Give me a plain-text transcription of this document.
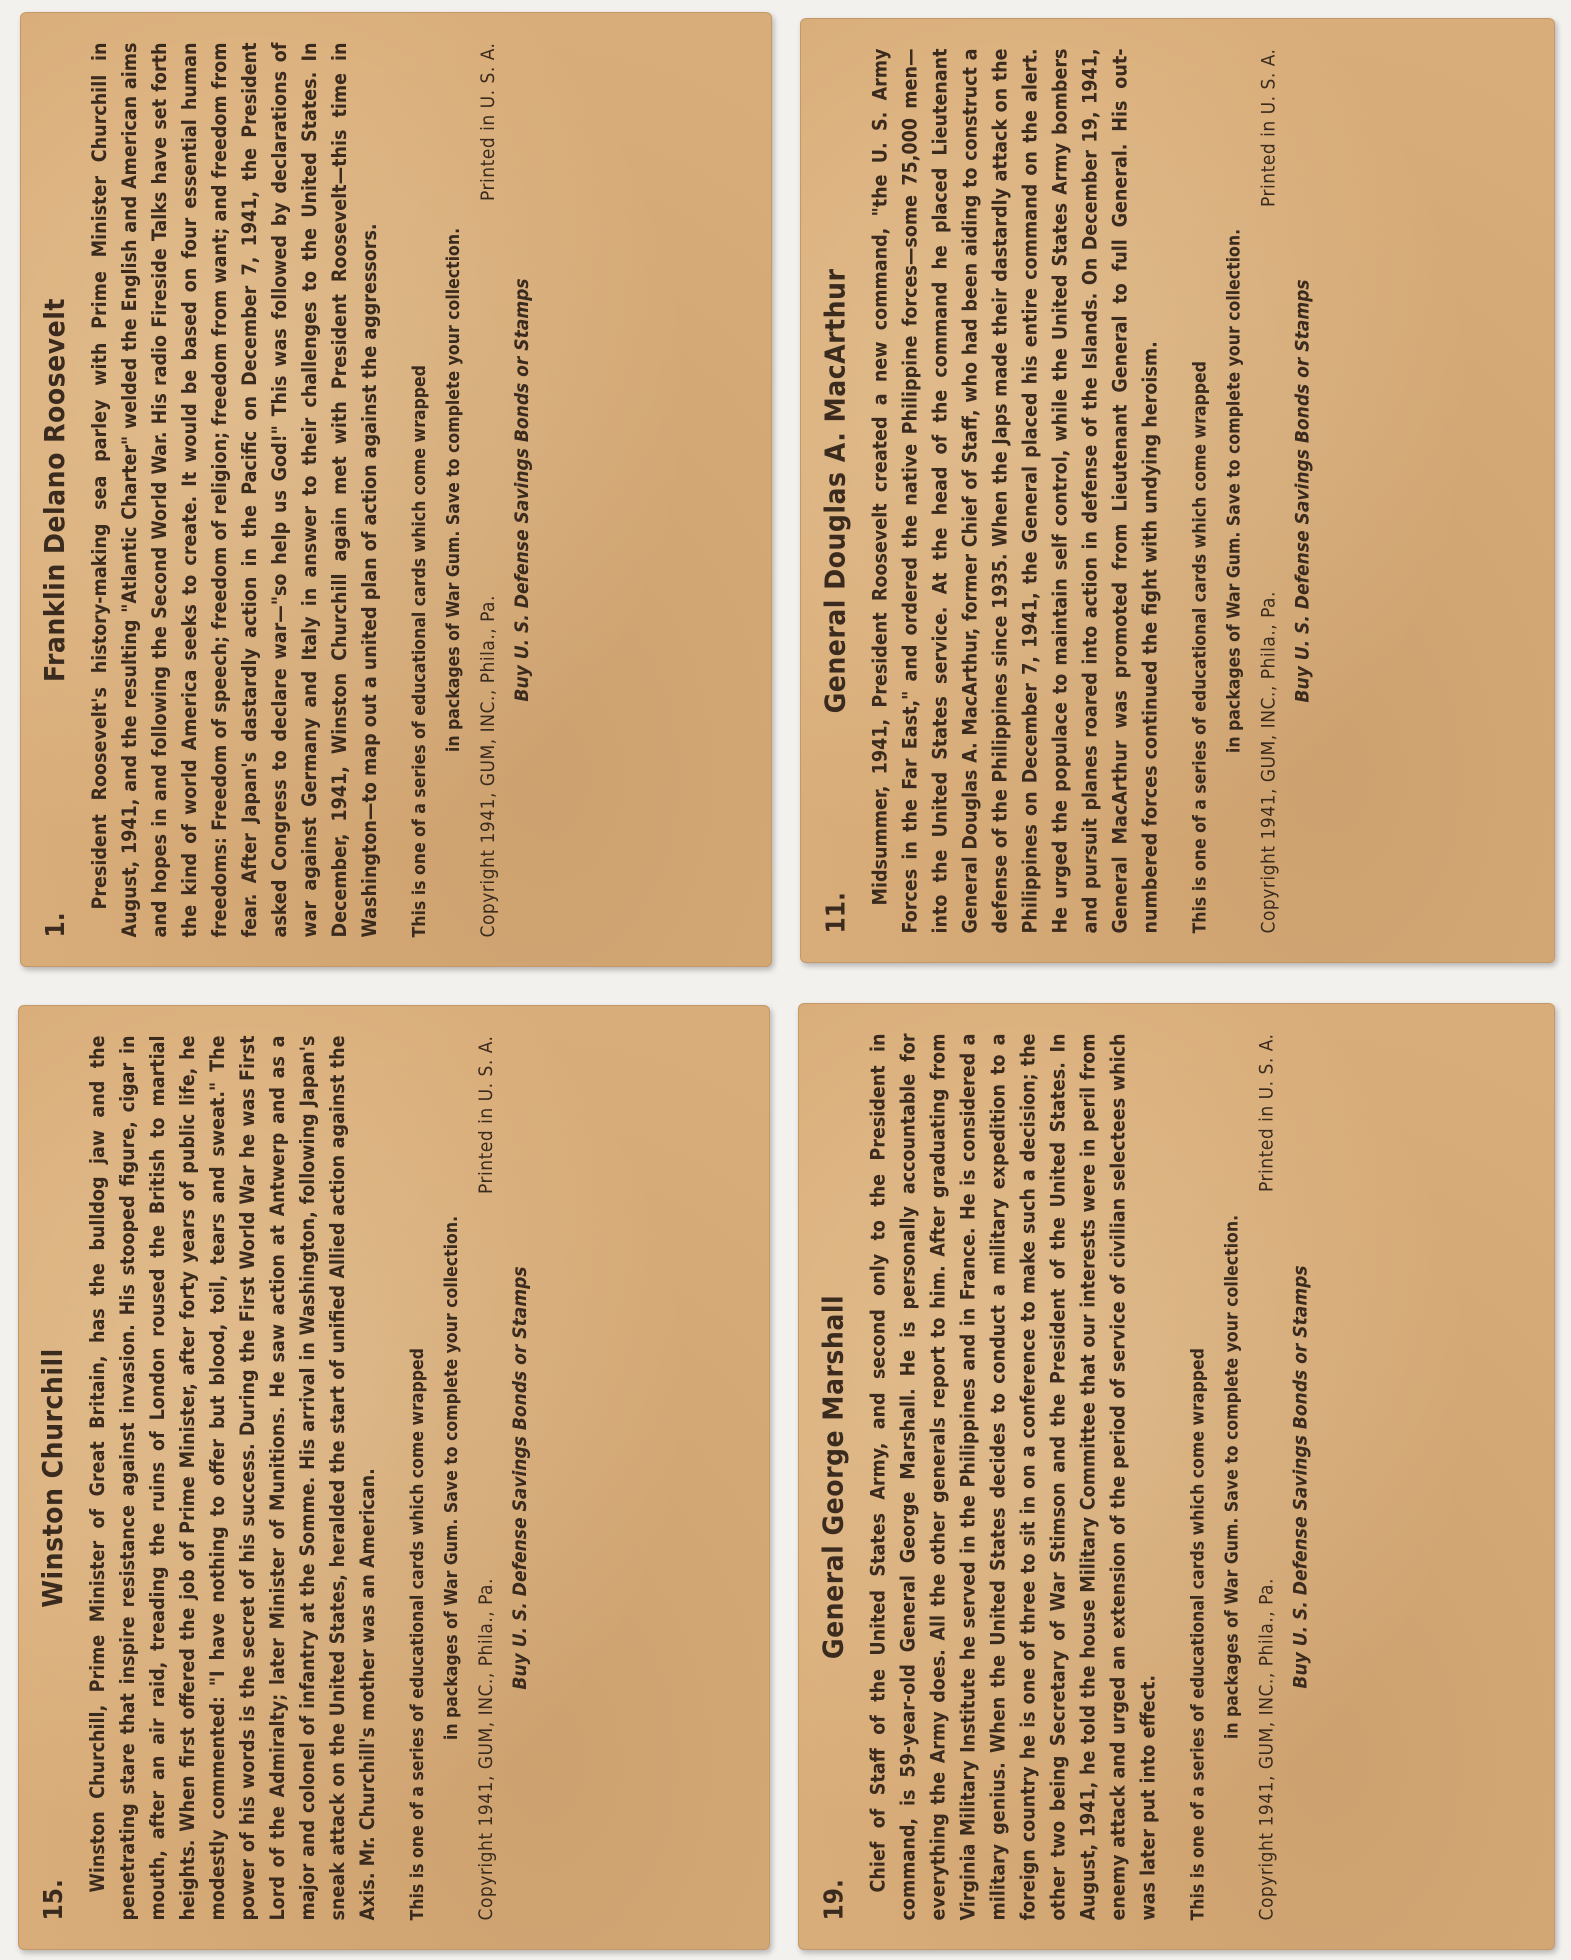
1.
Franklin Delano Roosevelt President Roosevelt's history-making sea parley with Prime Minister Churchill in August, 1941, and the resulting "Atlantic Charter" welded the English and American aims and hopes in and following the Second World War. His radio Fireside Talks have set forth the kind of world America seeks to create. It would be based on four essential human freedoms: Freedom of speech; freedom of religion; freedom from want; and freedom from fear. After Japan's dastardly action in the Pacific on December 7, 1941, the President asked Congress to declare war—"so help us God!" This was followed by declarations of war against Germany and Italy in answer to their challenges to the United States. In December, 1941, Winston Churchill again met with President Roosevelt—this time in Washington—to map out a united plan of action against the aggressors.	This is one of a series of educational cards which come wrapped in packages of War Gum. Save to complete your collection.
Copyright 1941, GUM, INC., Phila., Pa.
Printed in U. S. A.
Buy U. S. Defense Savings Bonds or Stamps
11.
General Douglas A. MacArthur Midsummer, 1941, President Roosevelt created a new command, "the U. S. Army Forces in the Far East," and ordered the native Philippine forces—some 75,000 men—into the United States service. At the head of the command he placed Lieutenant General Douglas A. MacArthur, former Chief of Staff, who had been aiding to construct a defense of the Philippines since 1935. When the Japs made their dastardly attack on the Philippines on December 7, 1941, the General placed his entire command on the alert. He urged the populace to maintain self control, while the United States Army bombers and pursuit planes roared into action in defense of the Islands. On December 19, 1941, General MacArthur was promoted from Lieutenant General to full General. His out-numbered forces continued the fight with undying heroism.	This is one of a series of educational cards which come wrapped in packages of War Gum. Save to complete your collection.
Copyright 1941, GUM, INC., Phila., Pa.
Printed in U. S. A.
Buy U. S. Defense Savings Bonds or Stamps
15.
Winston Churchill Winston Churchill, Prime Minister of Great Britain, has the bulldog jaw and the penetrating stare that inspire resistance against invasion. His stooped figure, cigar in mouth, after an air raid, treading the ruins of London roused the British to martial heights. When first offered the job of Prime Minister, after forty years of public life, he modestly commented: "I have nothing to offer but blood, toil, tears and sweat." The power of his words is the secret of his success. During the First World War he was First Lord of the Admiralty; later Minister of Munitions. He saw action at Antwerp and as a major and colonel of infantry at the Somme. His arrival in Washington, following Japan's sneak attack on the United States, heralded the start of unified Allied action against the Axis. Mr. Churchill's mother was an American.	This is one of a series of educational cards which come wrapped in packages of War Gum. Save to complete your collection.
Copyright 1941, GUM, INC., Phila., Pa.
Printed in U. S. A.
Buy U. S. Defense Savings Bonds or Stamps
19.
General George Marshall Chief of Staff of the United States Army, and second only to the President in command, is 59-year-old General George Marshall. He is personally accountable for everything the Army does. All the other generals report to him. After graduating from Virginia Military Institute he served in the Philippines and in France. He is considered a military genius. When the United States decides to conduct a military expedition to a foreign country he is one of three to sit in on a conference to make such a decision; the other two being Secretary of War Stimson and the President of the United States. In August, 1941, he told the house Military Committee that our interests were in peril from enemy attack and urged an extension of the period of service of civilian selectees which was later put into effect.	This is one of a series of educational cards which come wrapped in packages of War Gum. Save to complete your collection.
Copyright 1941, GUM, INC., Phila., Pa.
Printed in U. S. A.
Buy U. S. Defense Savings Bonds or Stamps
